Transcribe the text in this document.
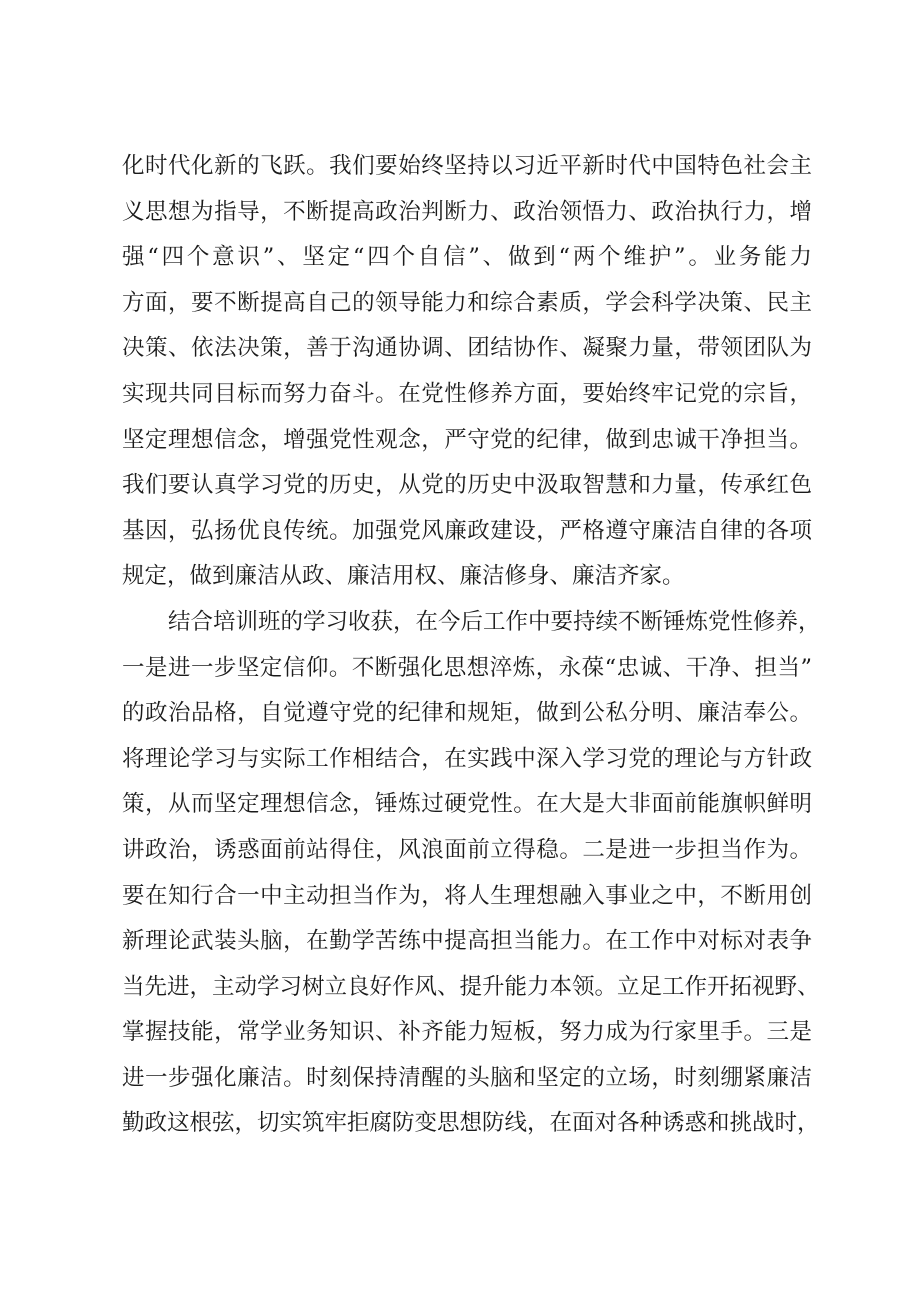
化时代化新的飞跃。我们要始终坚持以习近平新时代中国特色社会主
义思想为指导，不断提高政治判断力、政治领悟力、政治执行力，增
强“四个意识”、坚定“四个自信”、做到“两个维护”。业务能力
方面，要不断提高自己的领导能力和综合素质，学会科学决策、民主
决策、依法决策，善于沟通协调、团结协作、凝聚力量，带领团队为
实现共同目标而努力奋斗。在党性修养方面，要始终牢记党的宗旨，
坚定理想信念，增强党性观念，严守党的纪律，做到忠诚干净担当。
我们要认真学习党的历史，从党的历史中汲取智慧和力量，传承红色
基因，弘扬优良传统。加强党风廉政建设，严格遵守廉洁自律的各项
规定，做到廉洁从政、廉洁用权、廉洁修身、廉洁齐家。
结合培训班的学习收获，在今后工作中要持续不断锤炼党性修养，
一是进一步坚定信仰。不断强化思想淬炼，永葆“忠诚、干净、担当”
的政治品格，自觉遵守党的纪律和规矩，做到公私分明、廉洁奉公。
将理论学习与实际工作相结合，在实践中深入学习党的理论与方针政
策，从而坚定理想信念，锤炼过硬党性。在大是大非面前能旗帜鲜明
讲政治，诱惑面前站得住，风浪面前立得稳。二是进一步担当作为。
要在知行合一中主动担当作为，将人生理想融入事业之中，不断用创
新理论武装头脑，在勤学苦练中提高担当能力。在工作中对标对表争
当先进，主动学习树立良好作风、提升能力本领。立足工作开拓视野、
掌握技能，常学业务知识、补齐能力短板，努力成为行家里手。三是
进一步强化廉洁。时刻保持清醒的头脑和坚定的立场，时刻绷紧廉洁
勤政这根弦，切实筑牢拒腐防变思想防线，在面对各种诱惑和挑战时，
